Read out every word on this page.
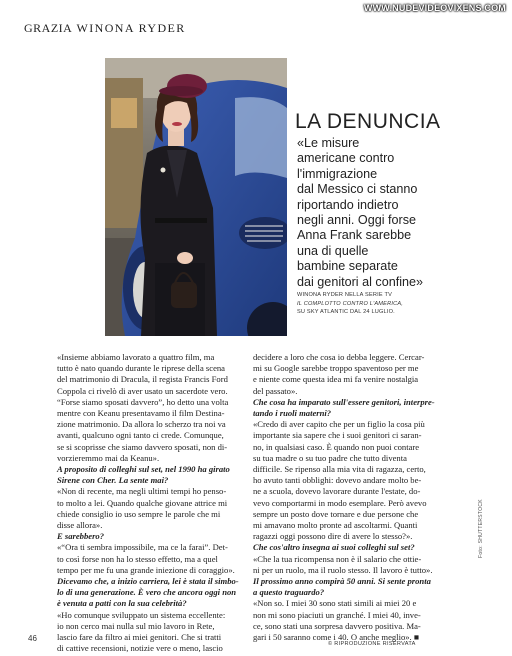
WWW.NUDEVIDEOVIXENS.COM
GRAZIA WINONA RYDER
LA DENUNCIA
«Le misure
americane contro
l'immigrazione
dal Messico ci stanno
riportando indietro
negli anni. Oggi forse
Anna Frank sarebbe
una di quelle
bambine separate
dai genitori al confine»
WINONA RYDER NELLA SERIE TV
IL COMPLOTTO CONTRO L'AMERICA,
SU SKY ATLANTIC DAL 24 LUGLIO.
«Insieme abbiamo lavorato a quattro film, ma
tutto è nato quando durante le riprese della scena
del matrimonio di Dracula, il regista Francis Ford
Coppola ci rivelò di aver usato un sacerdote vero.
“Forse siamo sposati davvero”, ho detto una volta
mentre con Keanu presentavamo il film Destina-
zione matrimonio. Da allora lo scherzo tra noi va
avanti, qualcuno ogni tanto ci crede. Comunque,
se si scoprisse che siamo davvero sposati, non di-
vorzieremmo mai da Keanu».
A proposito di colleghi sul set, nel 1990 ha girato
Sirene con Cher. La sente mai?
«Non di recente, ma negli ultimi tempi ho penso-
to molto a lei. Quando qualche giovane attrice mi
chiede consiglio io uso sempre le parole che mi
disse allora».
E sarebbero?
«“Ora ti sembra impossibile, ma ce la farai”. Det-
to così forse non ha lo stesso effetto, ma a quel
tempo per me fu una grande iniezione di coraggio».
Dicevamo che, a inizio carriera, lei è stata il simbo-
lo di una generazione. È vero che ancora oggi non
è venuta a patti con la sua celebrità?
«Ho comunque sviluppato un sistema eccellente:
io non cerco mai nulla sul mio lavoro in Rete,
lascio fare da filtro ai miei genitori. Che si tratti
di cattive recensioni, notizie vere o meno, lascio
decidere a loro che cosa io debba leggere. Cercar-
mi su Google sarebbe troppo spaventoso per me
e niente come questa idea mi fa venire nostalgia
del passato».
Che cosa ha imparato sull'essere genitori, interpre-
tando i ruoli materni?
«Credo di aver capito che per un figlio la cosa più
importante sia sapere che i suoi genitori ci saran-
no, in qualsiasi caso. È quando non puoi contare
su tua madre o su tuo padre che tutto diventa
difficile. Se ripenso alla mia vita di ragazza, certo,
ho avuto tanti obblighi: dovevo andare molto be-
ne a scuola, dovevo lavorare durante l'estate, do-
vevo comportarmi in modo esemplare. Però avevo
sempre un posto dove tornare e due persone che
mi amavano molto pronte ad ascoltarmi. Quanti
ragazzi oggi possono dire di avere lo stesso?».
Che cos'altro insegna ai suoi colleghi sul set?
«Che la tua ricompensa non è il salario che ottie-
ni per un ruolo, ma il ruolo stesso. Il lavoro è tutto».
Il prossimo anno compirà 50 anni. Si sente pronta
a questo traguardo?
«Non so. I miei 30 sono stati simili ai miei 20 e
non mi sono piaciuti un granché. I miei 40, inve-
ce, sono stati una sorpresa davvero positiva. Ma-
gari i 50 saranno come i 40. O anche meglio». ■
Foto: SHUTTERSTOCK
© RIPRODUZIONE RISERVATA
46
